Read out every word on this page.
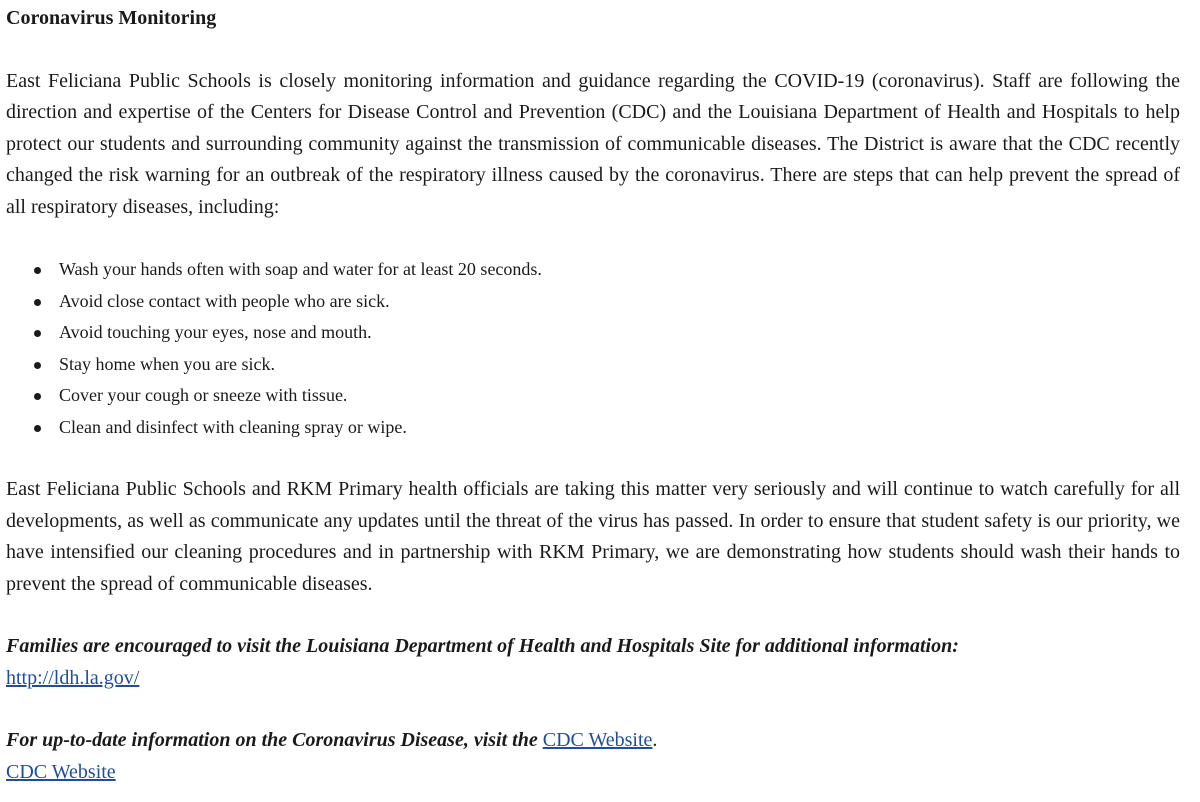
Coronavirus Monitoring

East Feliciana Public Schools is closely monitoring information and guidance regarding the COVID-19 (coronavirus). Staff are following the direction and expertise of the Centers for Disease Control and Prevention (CDC) and the Louisiana Department of Health and Hospitals to help protect our students and surrounding community against the transmission of communicable diseases. The District is aware that the CDC recently changed the risk warning for an outbreak of the respiratory illness caused by the coronavirus. There are steps that can help prevent the spread of all respiratory diseases, including:

Wash your hands often with soap and water for at least 20 seconds.
Avoid close contact with people who are sick.
Avoid touching your eyes, nose and mouth.
Stay home when you are sick.
Cover your cough or sneeze with tissue.
Clean and disinfect with cleaning spray or wipe.

East Feliciana Public Schools and RKM Primary health officials are taking this matter very seriously and will continue to watch carefully for all developments, as well as communicate any updates until the threat of the virus has passed. In order to ensure that student safety is our priority, we have intensified our cleaning procedures and in partnership with RKM Primary, we are demonstrating how students should wash their hands to prevent the spread of communicable diseases.

Families are encouraged to visit the Louisiana Department of Health and Hospitals Site for additional information:
http://ldh.la.gov/
For up-to-date information on the Coronavirus Disease, visit the CDC Website.
CDC Website
